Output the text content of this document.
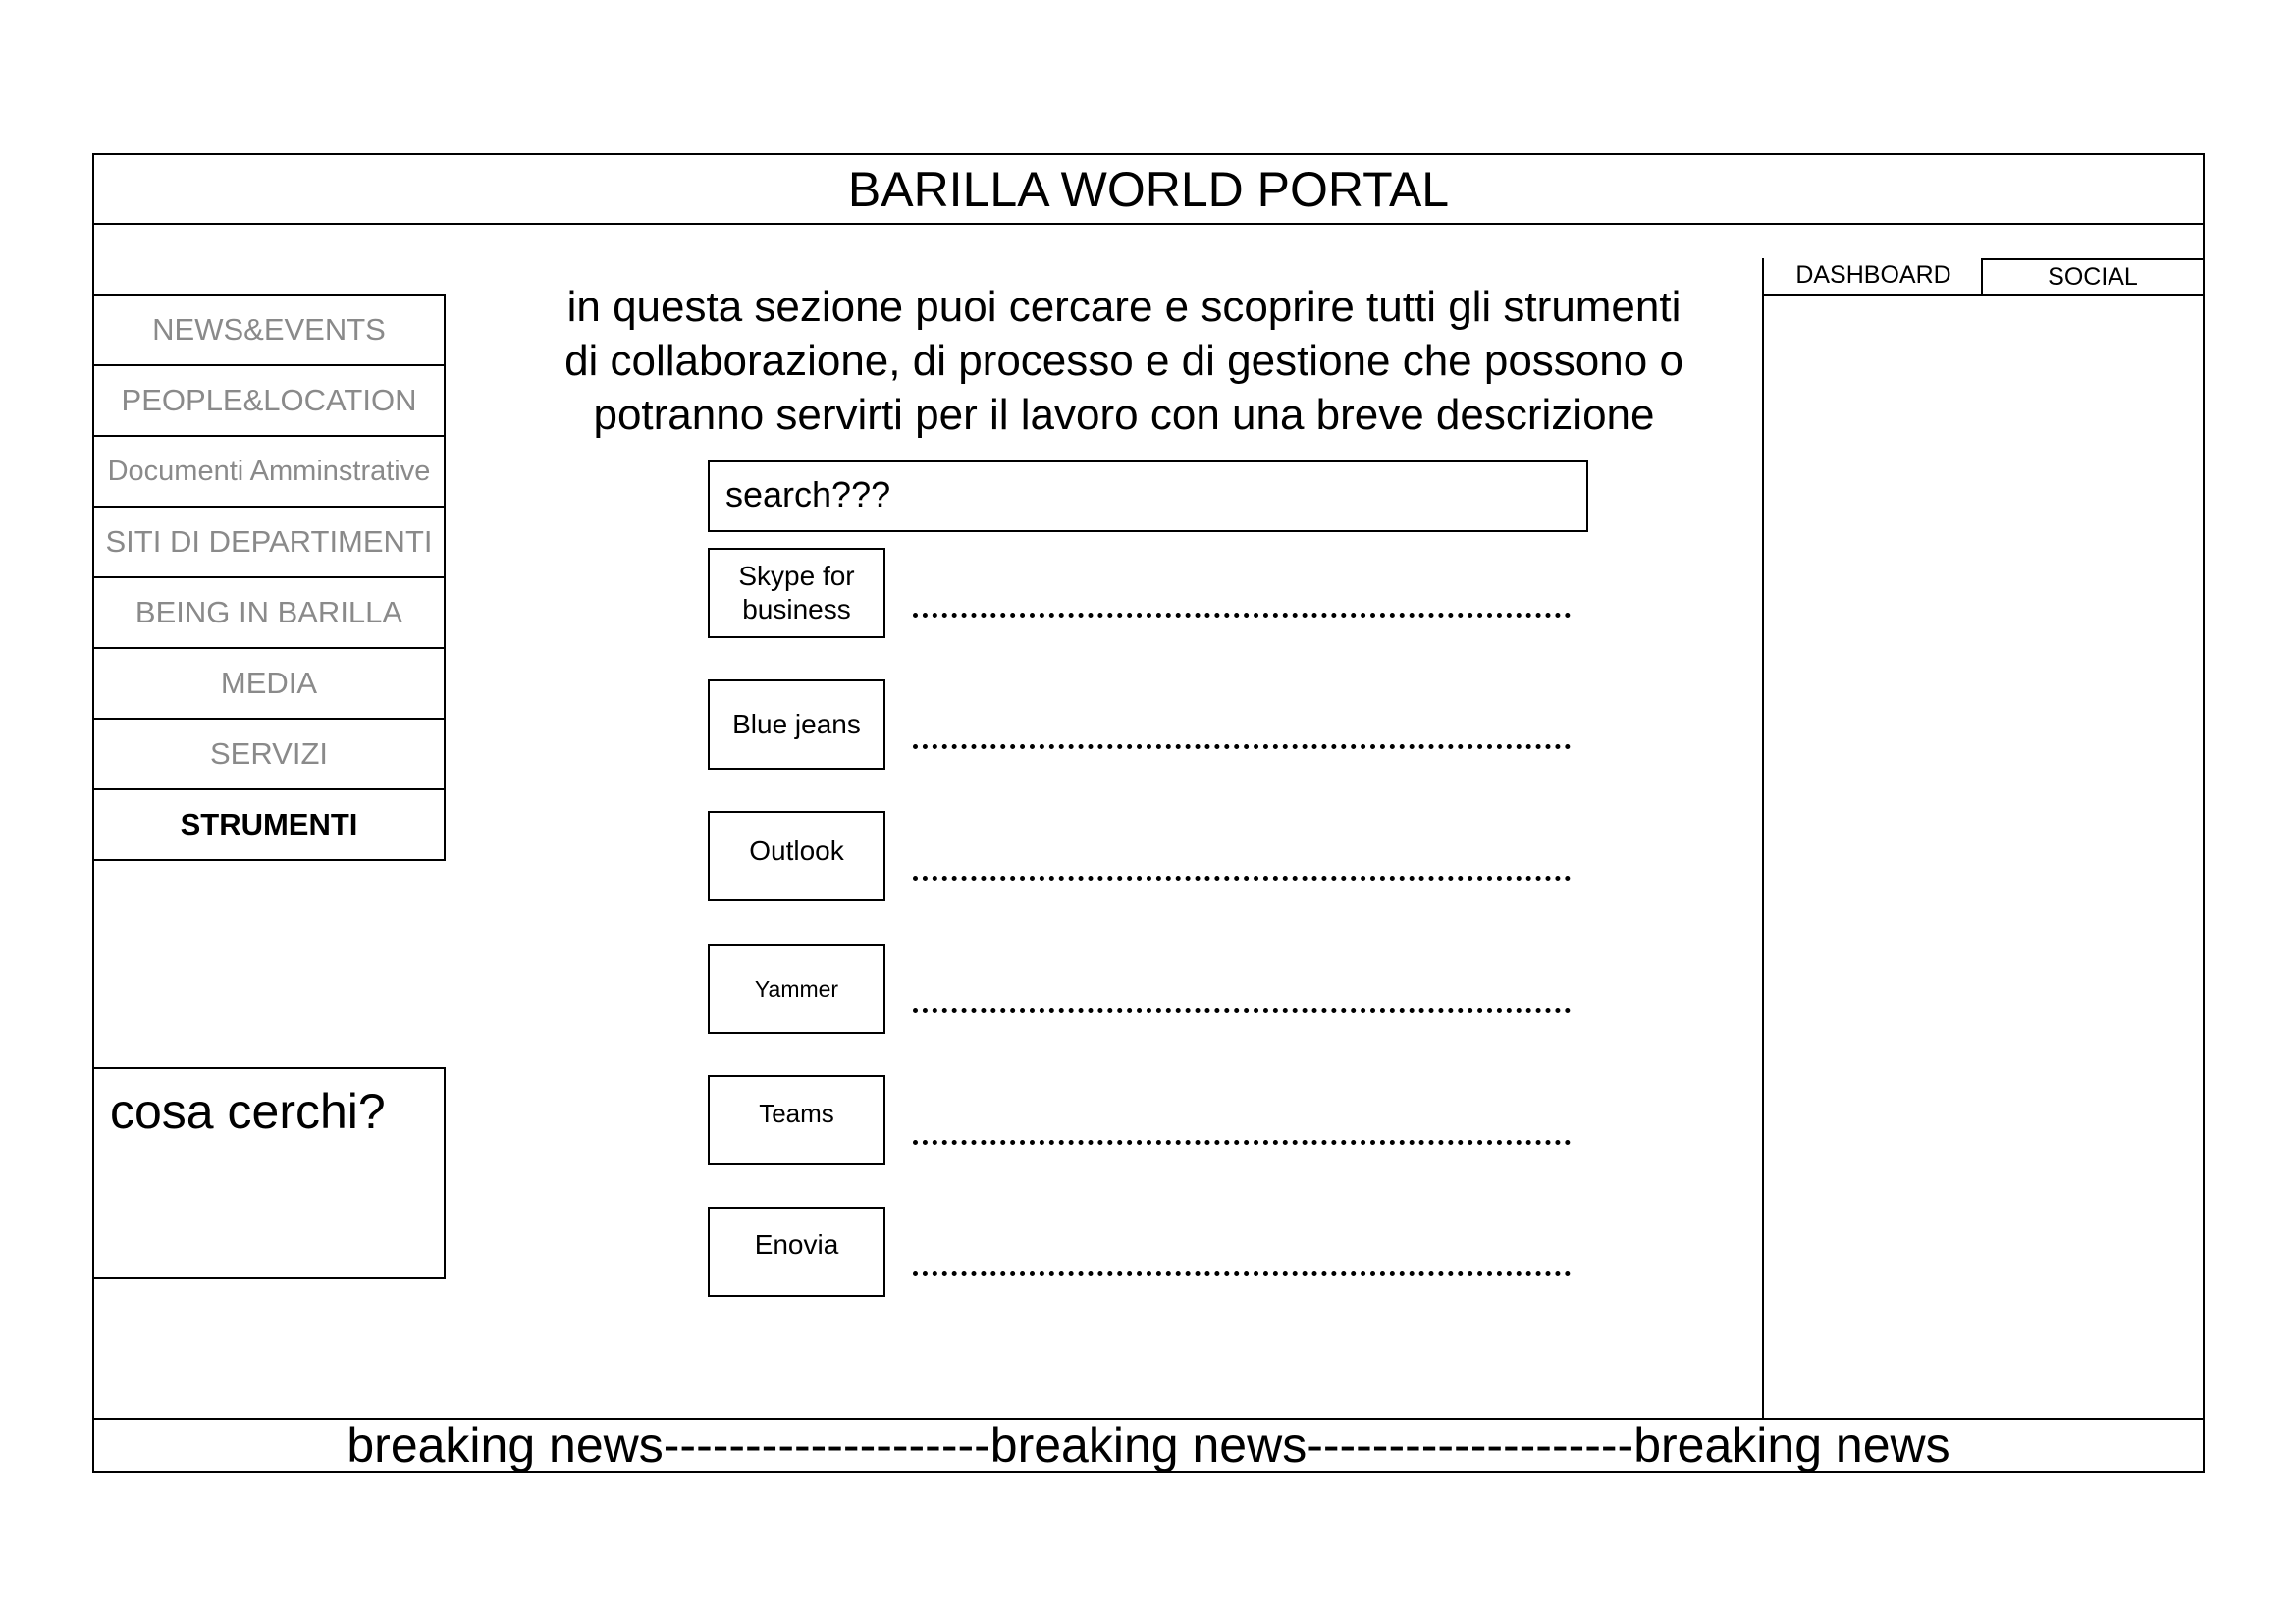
BARILLA WORLD PORTAL
NEWS&EVENTS
PEOPLE&LOCATION
Documenti Amminstrative
SITI DI DEPARTIMENTI
BEING IN BARILLA
MEDIA
SERVIZI
STRUMENTI
cosa cerchi?
in questa sezione puoi cercare e scoprire tutti gli strumenti
di collaborazione, di processo e di gestione che possono o
potranno servirti per il lavoro con una breve descrizione
search???
Skype for business
Blue jeans
Outlook
Yammer
Teams
Enovia
DASHBOARD	SOCIAL
breaking news--------------------breaking news--------------------breaking news
